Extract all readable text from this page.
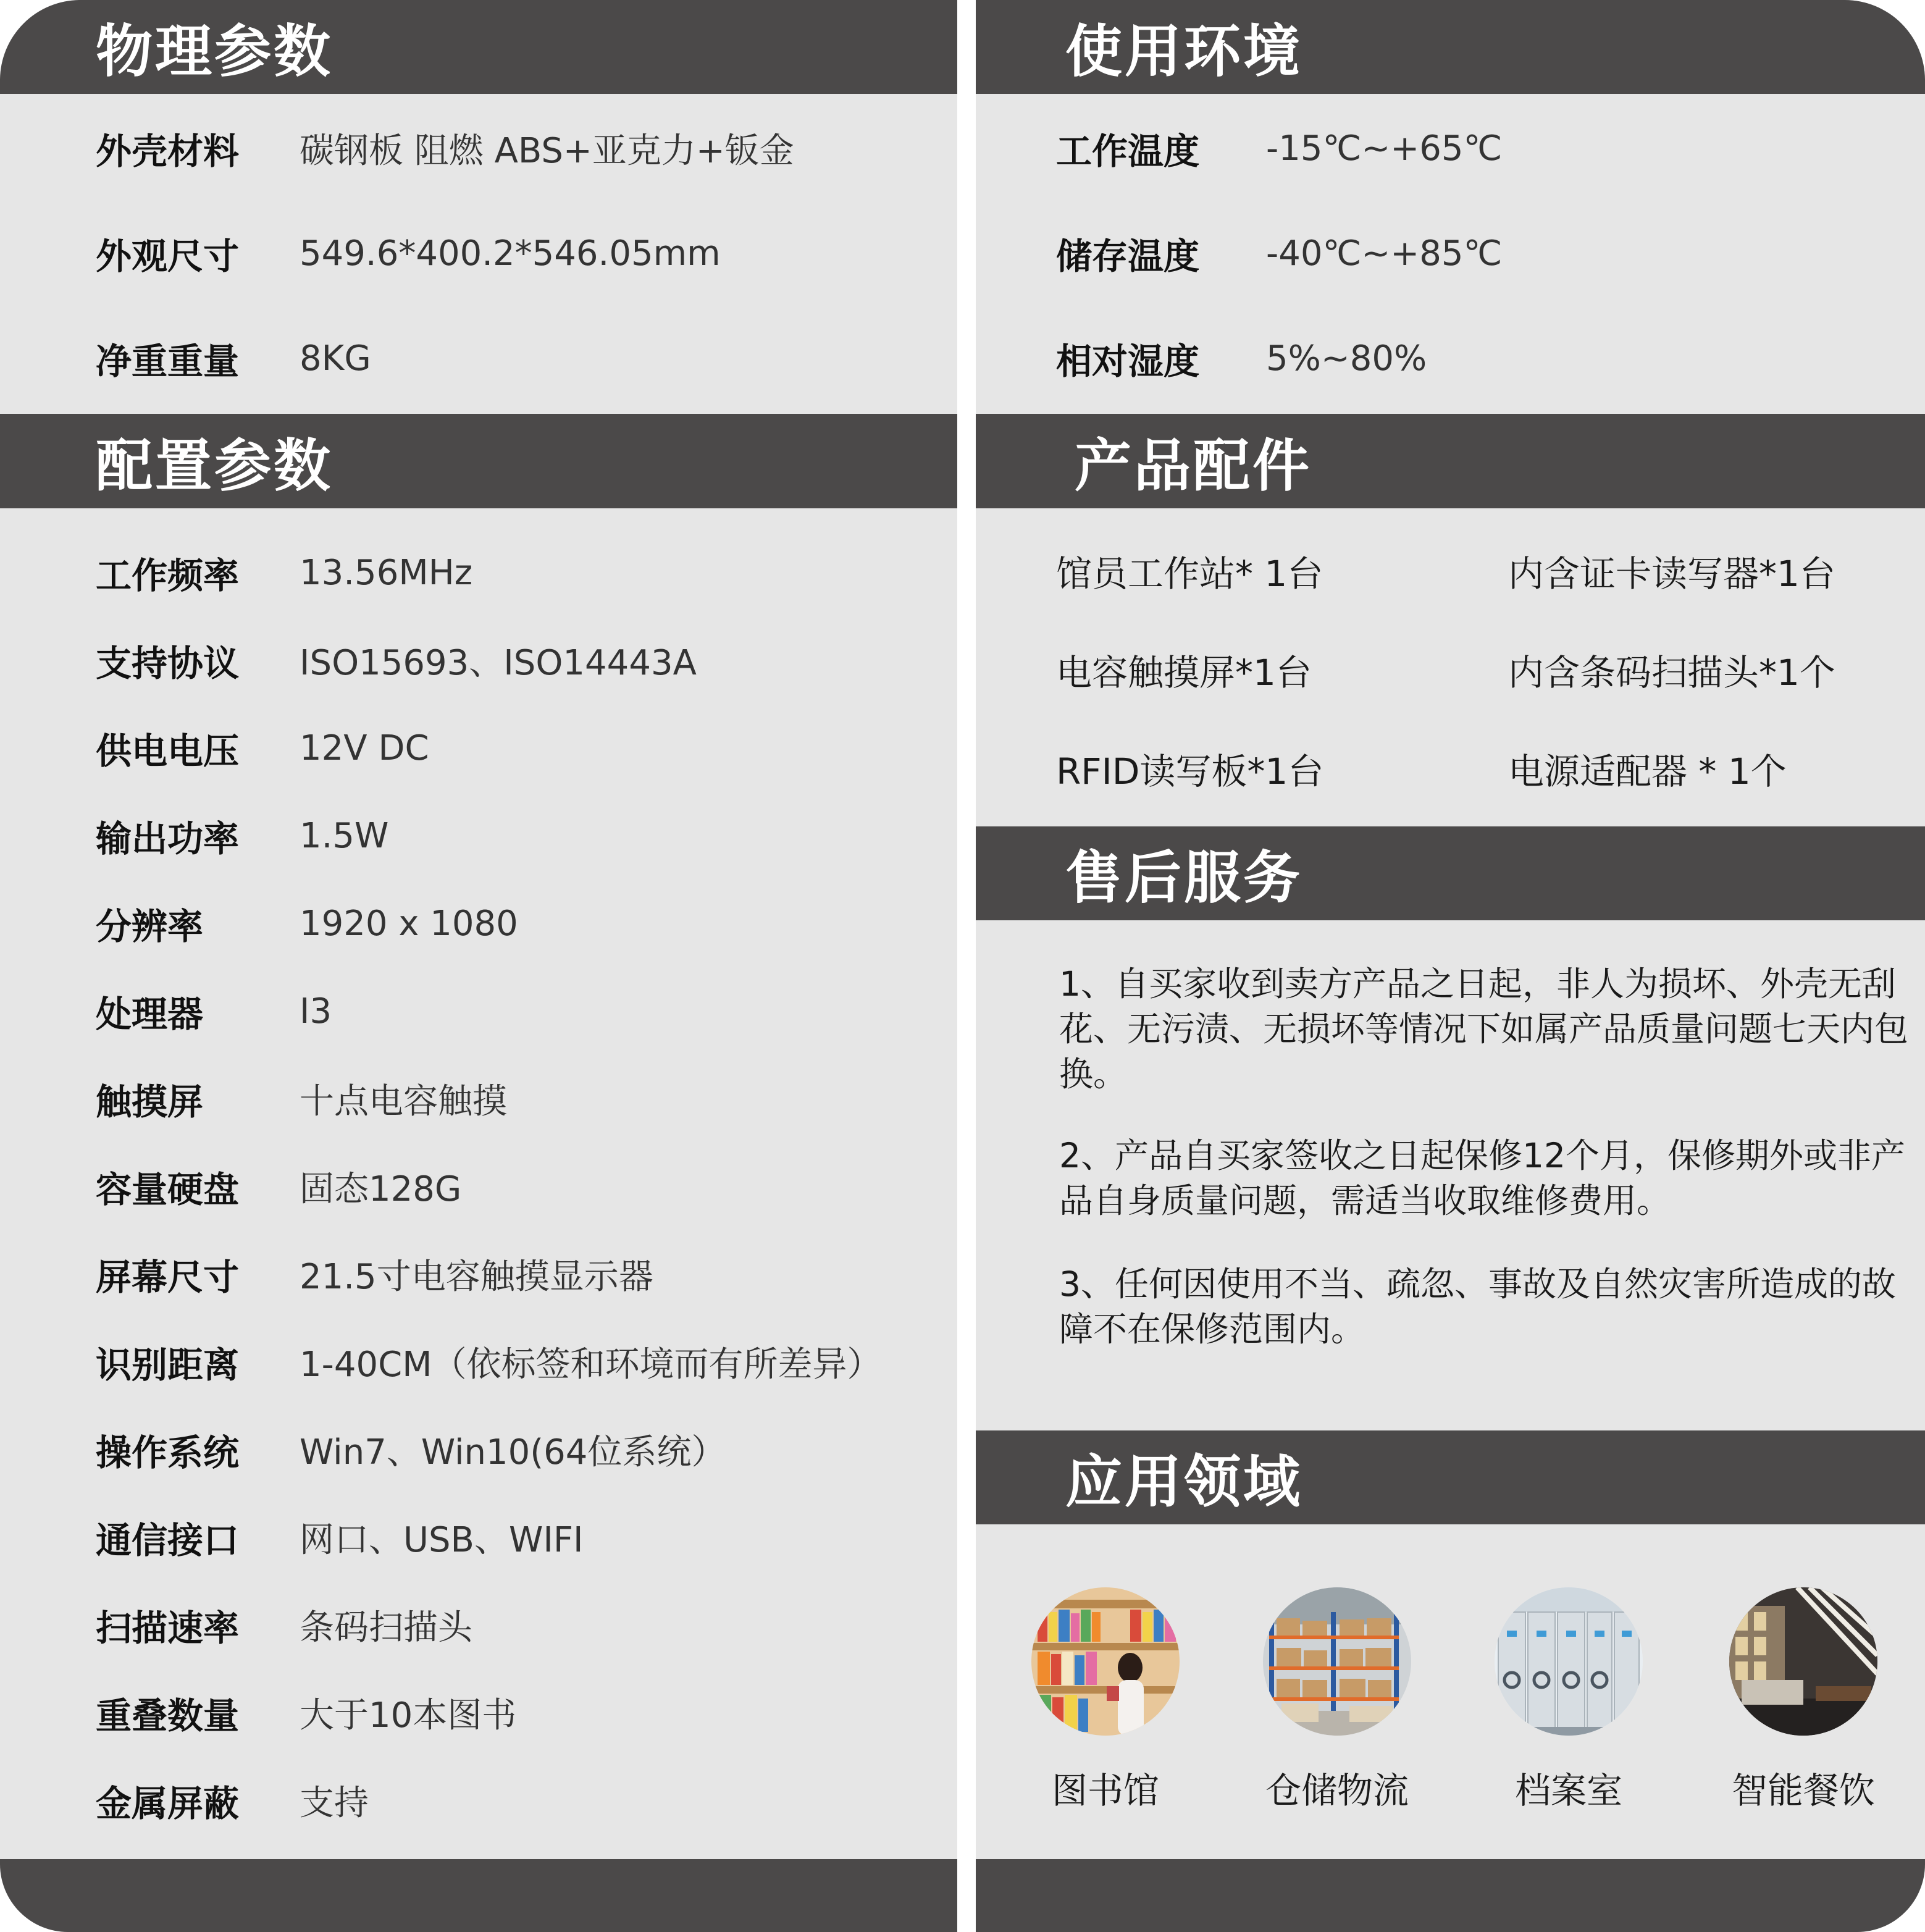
物理参数
外壳材料	碳钢板 阻燃 ABS+亚克力+钣金
外观尺寸	549.6*400.2*546.05mm
净重重量	8KG
配置参数
工作频率	13.56MHz
支持协议	ISO15693、ISO14443A
供电电压	12V DC
输出功率	1.5W
分辨率	1920 x 1080
处理器	I3
触摸屏	十点电容触摸
容量硬盘	固态128G
屏幕尺寸	21.5寸电容触摸显示器
识别距离	1-40CM（依标签和环境而有所差异）
操作系统	Win7、Win10(64位系统）
通信接口	网口、USB、WIFI
扫描速率	条码扫描头
重叠数量	大于10本图书
金属屏蔽	支持
使用环境
工作温度	-15℃~+65℃
储存温度	-40℃~+85℃
相对湿度	5%~80%
产品配件
馆员工作站* 1台	内含证卡读写器*1台
电容触摸屏*1台	内含条码扫描头*1个
RFID读写板*1台	电源适配器 * 1个
售后服务
1、自买家收到卖方产品之日起，非人为损坏、外壳无刮花、无污渍、无损坏等情况下如属产品质量问题七天内包换。
2、产品自买家签收之日起保修12个月，保修期外或非产品自身质量问题，需适当收取维修费用。
3、任何因使用不当、疏忽、事故及自然灾害所造成的故障不在保修范围内。
应用领域
图书馆	仓储物流	档案室	智能餐饮
